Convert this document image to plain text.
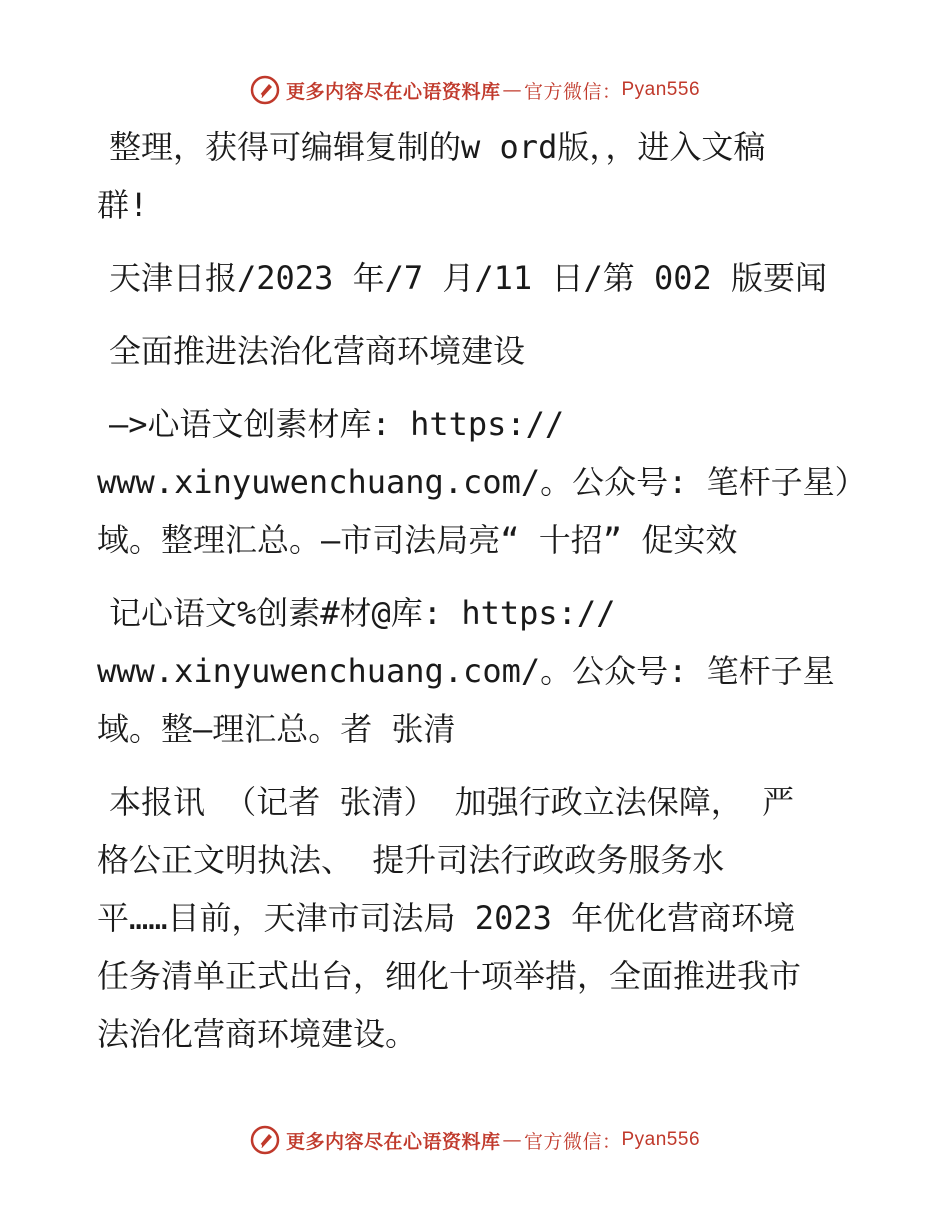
更多内容尽在心语资料库 — 官方微信： Pyan556
整理，获得可编辑复制的w ord版，，进入文稿
群!
天津日报/2023 年/7 月/11 日/第 002 版要闻
全面推进法治化营商环境建设
—>心语文创素材库: https://
www.xinyuwenchuang.com/。公众号: 笔杆子星）
域。整理汇总。—市司法局亮“ 十招” 促实效
记心语文%创素#材@库: https://
www.xinyuwenchuang.com/。公众号: 笔杆子星
域。整—理汇总。者 张清
本报讯 （记者 张清） 加强行政立法保障， 严
格公正文明执法、 提升司法行政政务服务水
平……目前，天津市司法局 2023 年优化营商环境
任务清单正式出台，细化十项举措，全面推进我市
法治化营商环境建设。
更多内容尽在心语资料库 — 官方微信： Pyan556
